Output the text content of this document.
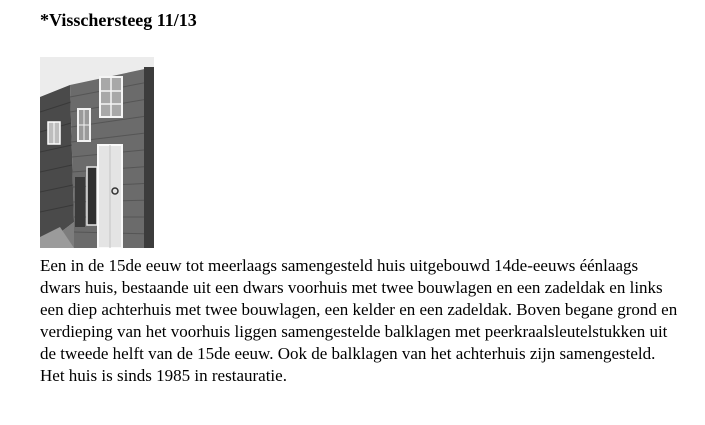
*Visschersteeg 11/13

Een in de 15de eeuw tot meerlaags samengesteld huis uitgebouwd 14de-eeuws éénlaags dwars huis, bestaande uit een dwars voorhuis met twee bouwlagen en een zadeldak en links een diep achterhuis met twee bouwlagen, een kelder en een zadeldak. Boven begane grond en verdieping van het voorhuis liggen samengestelde balklagen met peerkraalsleutelstukken uit de tweede helft van de 15de eeuw. Ook de balklagen van het achterhuis zijn samengesteld. Het huis is sinds 1985 in restauratie.
